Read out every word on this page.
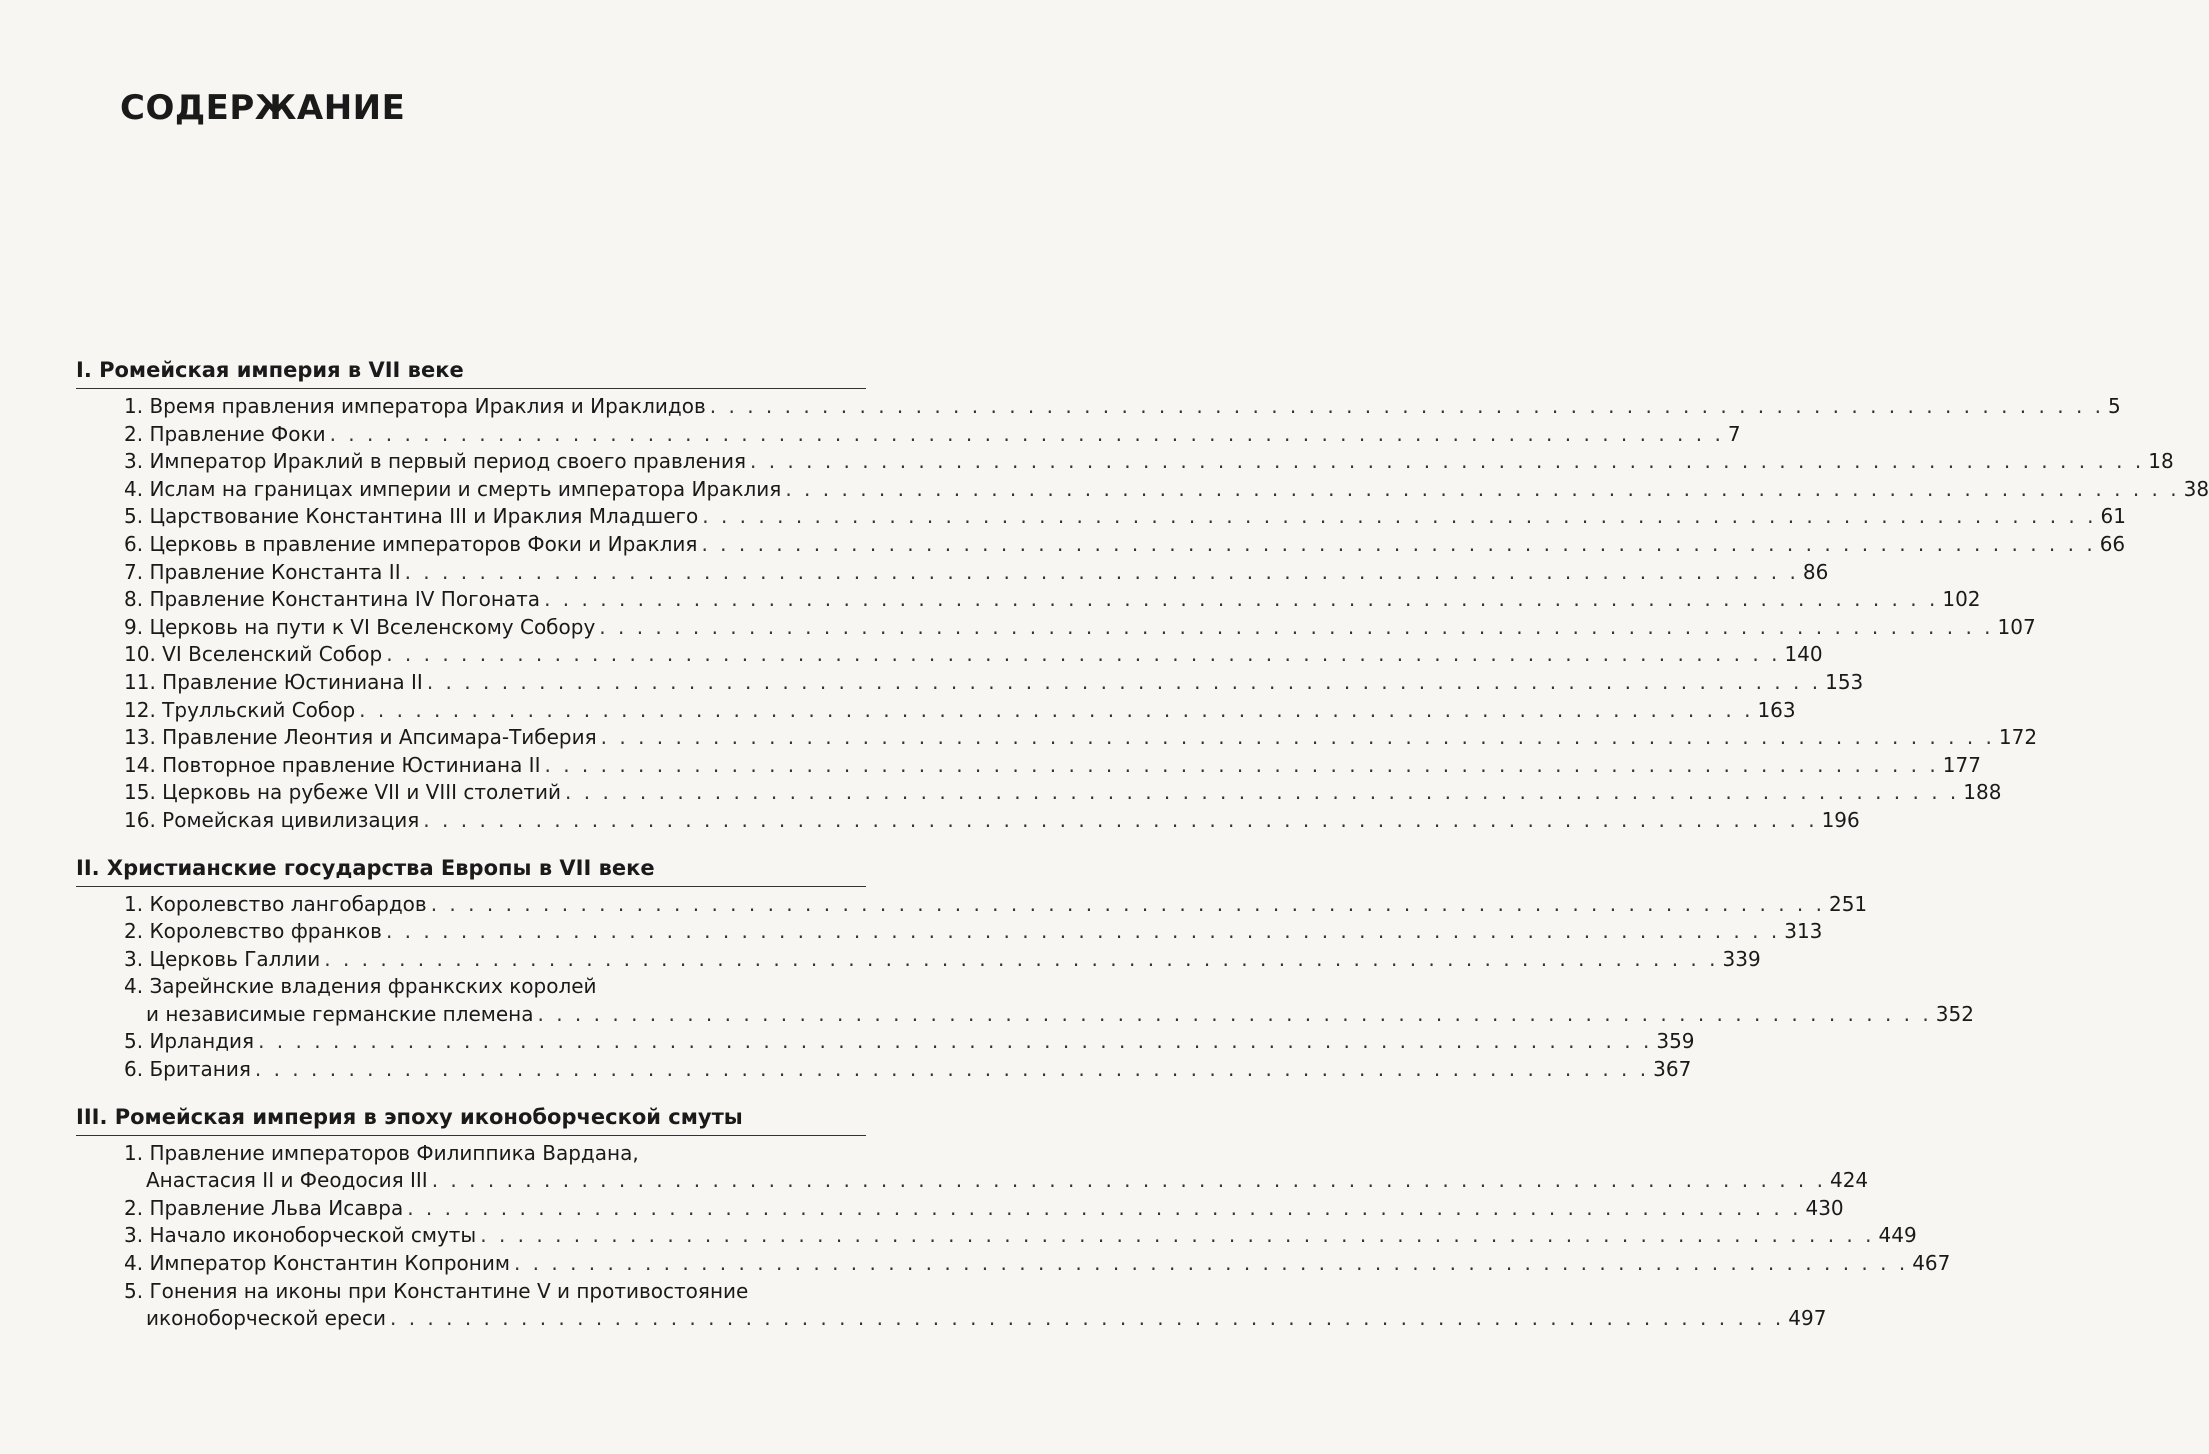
СОДЕРЖАНИЕ
I. Ромейская империя в VII веке
1. Время правления императора Ираклия и Ираклидов . . . . . . . . . . . . . . . . . . . . . . . . . . . . . . . . . . . . . . . . . . . . . . . . . . . . . . . . . . . . . . . . . . . . . . . . . . . 5
2. Правление Фоки . . . . . . . . . . . . . . . . . . . . . . . . . . . . . . . . . . . . . . . . . . . . . . . . . . . . . . . . . . . . . . . . . . . . . . . . . . . 7
3. Император Ираклий в первый период своего правления . . . . . . . . . . . . . . . . . . . . . . . . . . . . . . . . . . . . . . . . . . . . . . . . . . . . . . . . . . . . . . . . . . . . . . . . . . . 18
4. Ислам на границах империи и смерть императора Ираклия . . . . . . . . . . . . . . . . . . . . . . . . . . . . . . . . . . . . . . . . . . . . . . . . . . . . . . . . . . . . . . . . . . . . . . . . . . . 38
5. Царствование Константина III и Ираклия Младшего . . . . . . . . . . . . . . . . . . . . . . . . . . . . . . . . . . . . . . . . . . . . . . . . . . . . . . . . . . . . . . . . . . . . . . . . . . . 61
6. Церковь в правление императоров Фоки и Ираклия . . . . . . . . . . . . . . . . . . . . . . . . . . . . . . . . . . . . . . . . . . . . . . . . . . . . . . . . . . . . . . . . . . . . . . . . . . . 66
7. Правление Константа II . . . . . . . . . . . . . . . . . . . . . . . . . . . . . . . . . . . . . . . . . . . . . . . . . . . . . . . . . . . . . . . . . . . . . . . . . . . 86
8. Правление Константина IV Погоната . . . . . . . . . . . . . . . . . . . . . . . . . . . . . . . . . . . . . . . . . . . . . . . . . . . . . . . . . . . . . . . . . . . . . . . . . . . 102
9. Церковь на пути к VI Вселенскому Собору . . . . . . . . . . . . . . . . . . . . . . . . . . . . . . . . . . . . . . . . . . . . . . . . . . . . . . . . . . . . . . . . . . . . . . . . . . . 107
10. VI Вселенский Собор . . . . . . . . . . . . . . . . . . . . . . . . . . . . . . . . . . . . . . . . . . . . . . . . . . . . . . . . . . . . . . . . . . . . . . . . . . . 140
11. Правление Юстиниана II . . . . . . . . . . . . . . . . . . . . . . . . . . . . . . . . . . . . . . . . . . . . . . . . . . . . . . . . . . . . . . . . . . . . . . . . . . . 153
12. Трулльский Собор . . . . . . . . . . . . . . . . . . . . . . . . . . . . . . . . . . . . . . . . . . . . . . . . . . . . . . . . . . . . . . . . . . . . . . . . . . . 163
13. Правление Леонтия и Апсимара-Тиберия . . . . . . . . . . . . . . . . . . . . . . . . . . . . . . . . . . . . . . . . . . . . . . . . . . . . . . . . . . . . . . . . . . . . . . . . . . . 172
14. Повторное правление Юстиниана II . . . . . . . . . . . . . . . . . . . . . . . . . . . . . . . . . . . . . . . . . . . . . . . . . . . . . . . . . . . . . . . . . . . . . . . . . . . 177
15. Церковь на рубеже VII и VIII столетий . . . . . . . . . . . . . . . . . . . . . . . . . . . . . . . . . . . . . . . . . . . . . . . . . . . . . . . . . . . . . . . . . . . . . . . . . . . 188
16. Ромейская цивилизация . . . . . . . . . . . . . . . . . . . . . . . . . . . . . . . . . . . . . . . . . . . . . . . . . . . . . . . . . . . . . . . . . . . . . . . . . . . 196
II. Христианские государства Европы в VII веке
1. Королевство лангобардов . . . . . . . . . . . . . . . . . . . . . . . . . . . . . . . . . . . . . . . . . . . . . . . . . . . . . . . . . . . . . . . . . . . . . . . . . . . 251
2. Королевство франков . . . . . . . . . . . . . . . . . . . . . . . . . . . . . . . . . . . . . . . . . . . . . . . . . . . . . . . . . . . . . . . . . . . . . . . . . . . 313
3. Церковь Галлии . . . . . . . . . . . . . . . . . . . . . . . . . . . . . . . . . . . . . . . . . . . . . . . . . . . . . . . . . . . . . . . . . . . . . . . . . . . 339
4. Зарейнские владения франкских королей
и независимые германские племена . . . . . . . . . . . . . . . . . . . . . . . . . . . . . . . . . . . . . . . . . . . . . . . . . . . . . . . . . . . . . . . . . . . . . . . . . . . 352
5. Ирландия . . . . . . . . . . . . . . . . . . . . . . . . . . . . . . . . . . . . . . . . . . . . . . . . . . . . . . . . . . . . . . . . . . . . . . . . . . . 359
6. Британия . . . . . . . . . . . . . . . . . . . . . . . . . . . . . . . . . . . . . . . . . . . . . . . . . . . . . . . . . . . . . . . . . . . . . . . . . . . 367
III. Ромейская империя в эпоху иконоборческой смуты
1. Правление императоров Филиппика Вардана,
Анастасия II и Феодосия III . . . . . . . . . . . . . . . . . . . . . . . . . . . . . . . . . . . . . . . . . . . . . . . . . . . . . . . . . . . . . . . . . . . . . . . . . . . 424
2. Правление Льва Исавра . . . . . . . . . . . . . . . . . . . . . . . . . . . . . . . . . . . . . . . . . . . . . . . . . . . . . . . . . . . . . . . . . . . . . . . . . . . 430
3. Начало иконоборческой смуты . . . . . . . . . . . . . . . . . . . . . . . . . . . . . . . . . . . . . . . . . . . . . . . . . . . . . . . . . . . . . . . . . . . . . . . . . . . 449
4. Император Константин Копроним . . . . . . . . . . . . . . . . . . . . . . . . . . . . . . . . . . . . . . . . . . . . . . . . . . . . . . . . . . . . . . . . . . . . . . . . . . . 467
5. Гонения на иконы при Константине V и противостояние
иконоборческой ереси . . . . . . . . . . . . . . . . . . . . . . . . . . . . . . . . . . . . . . . . . . . . . . . . . . . . . . . . . . . . . . . . . . . . . . . . . . . 497
